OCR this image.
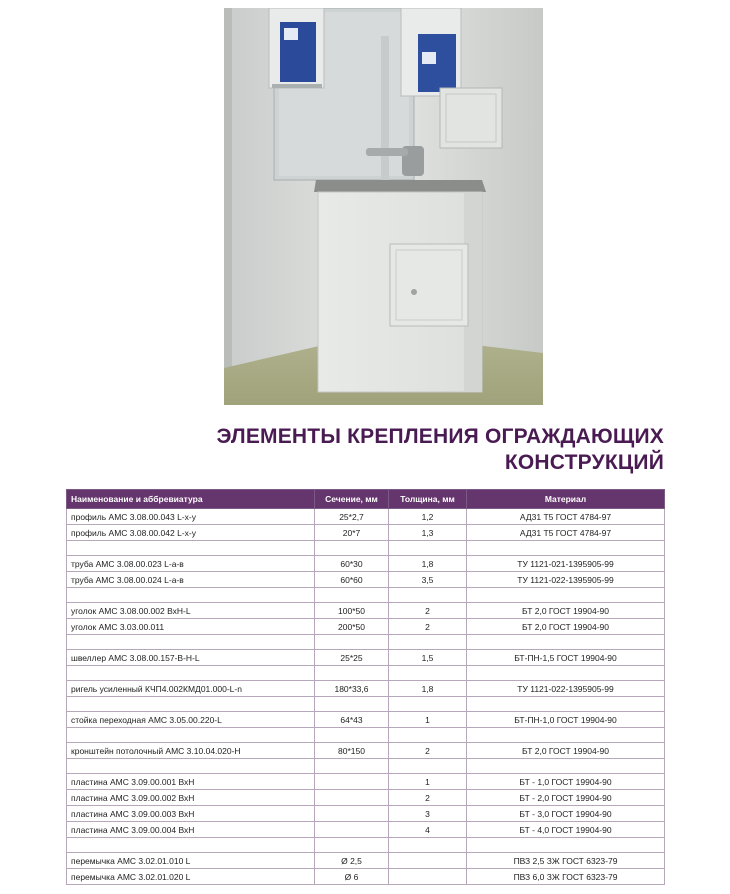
ЭЛЕМЕНТЫ КРЕПЛЕНИЯ ОГРАЖДАЮЩИХ
КОНСТРУКЦИЙ
Наименование и аббревиатура	Сечение, мм	Толщина, мм	Материал
профиль АМС 3.08.00.043 L-x-y	25*2,7	1,2	АД31 Т5 ГОСТ 4784-97
профиль АМС 3.08.00.042 L-x-y	20*7	1,3	АД31 Т5 ГОСТ 4784-97

труба АМС 3.08.00.023 L-a-в	60*30	1,8	ТУ 1121-021-1395905-99
труба АМС 3.08.00.024 L-a-в	60*60	3,5	ТУ 1121-022-1395905-99

уголок АМС 3.08.00.002 ВхН-L	100*50	2	БТ 2,0 ГОСТ 19904-90
уголок АМС 3.03.00.011	200*50	2	БТ 2,0 ГОСТ 19904-90

швеллер АМС 3.08.00.157-B-H-L	25*25	1,5	БТ-ПН-1,5 ГОСТ 19904-90

ригель усиленный КЧП4.002КМД01.000-L-n	180*33,6	1,8	ТУ 1121-022-1395905-99

стойка переходная АМС 3.05.00.220-L	64*43	1	БТ-ПН-1,0 ГОСТ 19904-90

кронштейн потолочный АМС 3.10.04.020-H	80*150	2	БТ 2,0 ГОСТ 19904-90

пластина АМС 3.09.00.001 ВхН		1	БТ - 1,0 ГОСТ 19904-90
пластина АМС 3.09.00.002 ВхН		2	БТ - 2,0 ГОСТ 19904-90
пластина АМС 3.09.00.003 ВхН		3	БТ - 3,0 ГОСТ 19904-90
пластина АМС 3.09.00.004 ВхН		4	БТ - 4,0 ГОСТ 19904-90

перемычка АМС 3.02.01.010 L	Ø 2,5		ПВЗ 2,5 ЗЖ ГОСТ 6323-79
перемычка АМС 3.02.01.020 L	Ø 6		ПВЗ 6,0 ЗЖ ГОСТ 6323-79
